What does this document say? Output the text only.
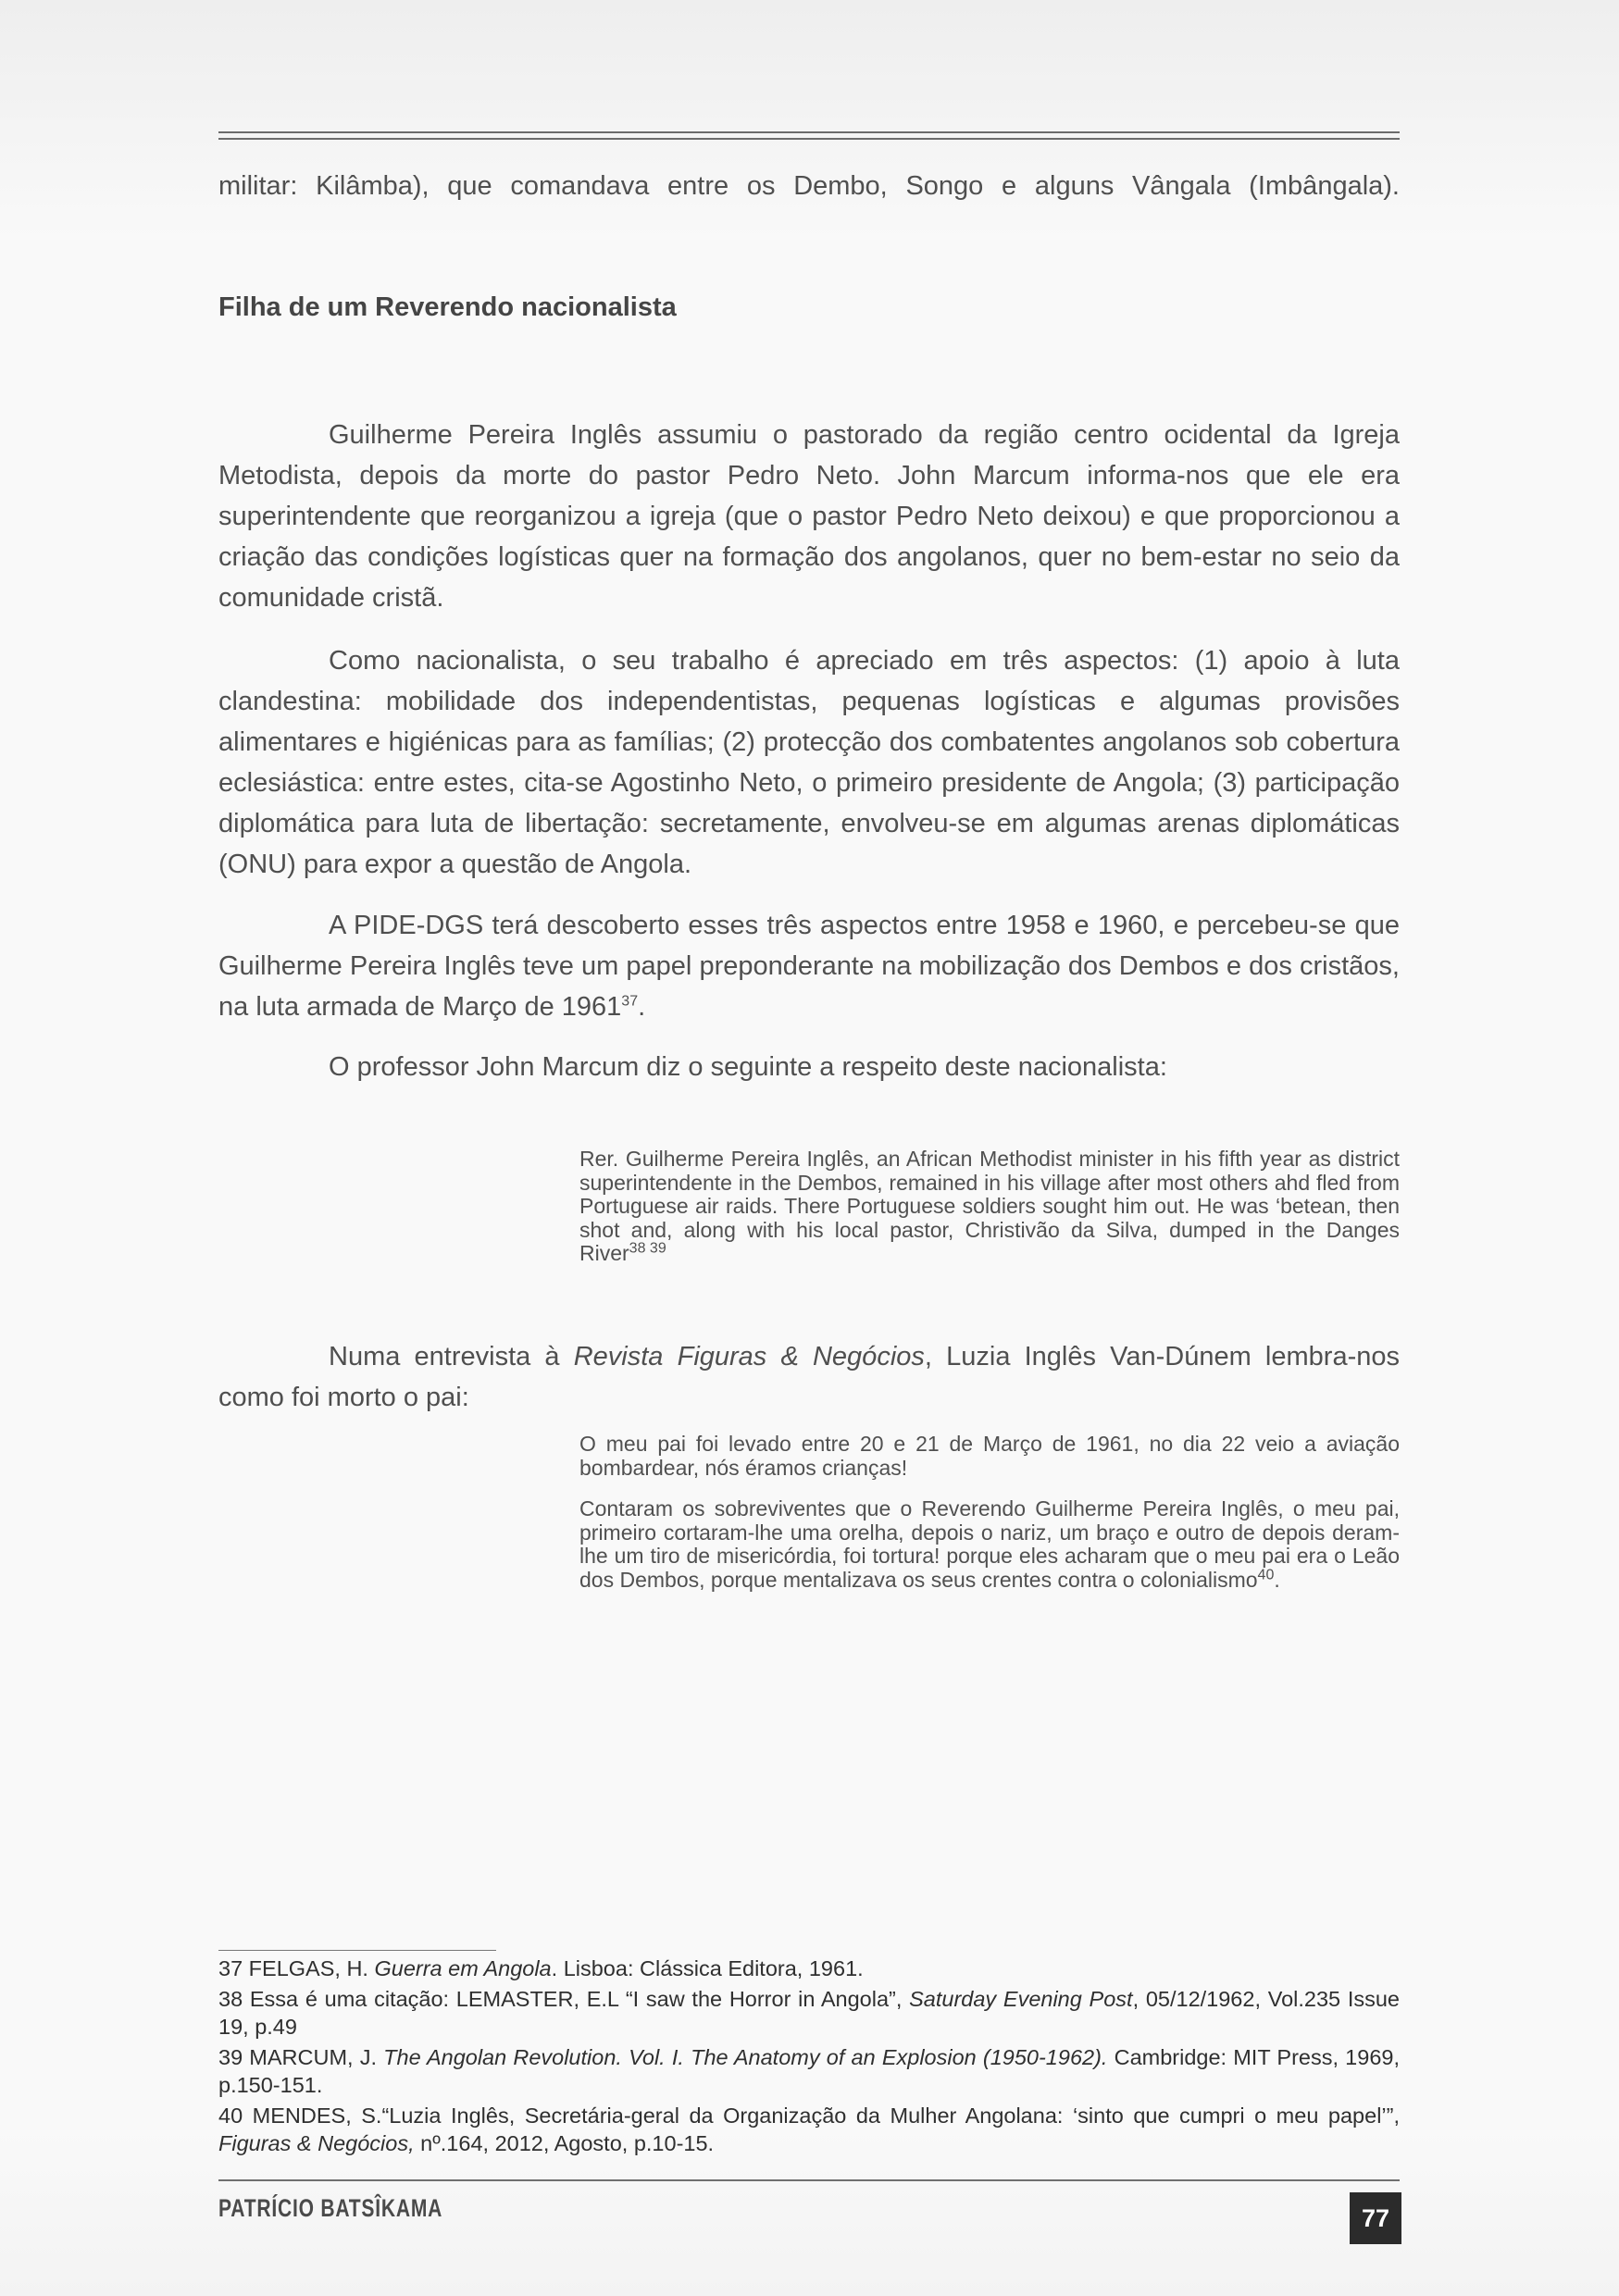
militar: Kilâmba), que comandava entre os Dembo, Songo e alguns Vângala (Imbângala).
Filha de um Reverendo nacionalista
Guilherme Pereira Inglês assumiu o pastorado da região centro ocidental da Igreja Metodista, depois da morte do pastor Pedro Neto. John Marcum informa-nos que ele era superintendente que reorganizou a igreja (que o pastor Pedro Neto deixou) e que proporcionou a criação das condições logísticas quer na formação dos angolanos, quer no bem-estar no seio da comunidade cristã.
Como nacionalista, o seu trabalho é apreciado em três aspectos: (1) apoio à luta clandestina: mobilidade dos independentistas, pequenas logísticas e algumas provisões alimentares e higiénicas para as famílias; (2) protecção dos combatentes angolanos sob cobertura eclesiástica: entre estes, cita-se Agostinho Neto, o primeiro presidente de Angola; (3) participação diplomática para luta de libertação: secretamente, envolveu-se em algumas arenas diplomáticas (ONU) para expor a questão de Angola.
A PIDE-DGS terá descoberto esses três aspectos entre 1958 e 1960, e percebeu-se que Guilherme Pereira Inglês teve um papel preponderante na mobilização dos Dembos e dos cristãos, na luta armada de Março de 1961$^{37}$.
O professor John Marcum diz o seguinte a respeito deste nacionalista:

Rer. Guilherme Pereira Inglês, an African Methodist minister in his fifth year as district superintendente in the Dembos, remained in his village after most others ahd fled from Portuguese air raids. There Portuguese soldiers sought him out. He was ‘betean, then shot and, along with his local pastor, Christivão da Silva, dumped in the Danges River$^{38 39}$

Numa entrevista à Revista Figuras & Negócios, Luzia Inglês Van-Dúnem lembra-nos como foi morto o pai:

O meu pai foi levado entre 20 e 21 de Março de 1961, no dia 22 veio a aviação bombardear, nós éramos crianças!

Contaram os sobreviventes que o Reverendo Guilherme Pereira Inglês, o meu pai, primeiro cortaram-lhe uma orelha, depois o nariz, um braço e outro de depois deram-lhe um tiro de misericórdia, foi tortura! porque eles acharam que o meu pai era o Leão dos Dembos, porque mentalizava os seus crentes contra o colonialismo$^{40}$.

37 FELGAS, H. Guerra em Angola. Lisboa: Clássica Editora, 1961.

38 Essa é uma citação: LEMASTER, E.L “I saw the Horror in Angola”, Saturday Evening Post, 05/12/1962, Vol.235 Issue 19, p.49

39 MARCUM, J. The Angolan Revolution. Vol. I. The Anatomy of an Explosion (1950-1962). Cambridge: MIT Press, 1969, p.150-151.

40 MENDES, S.“Luzia Inglês, Secretária-geral da Organização da Mulher Angolana: ‘sinto que cumpri o meu papel’”, Figuras & Negócios, nº.164, 2012, Agosto, p.10-15.

PATRÍCIO BATSÎKAMA	77
